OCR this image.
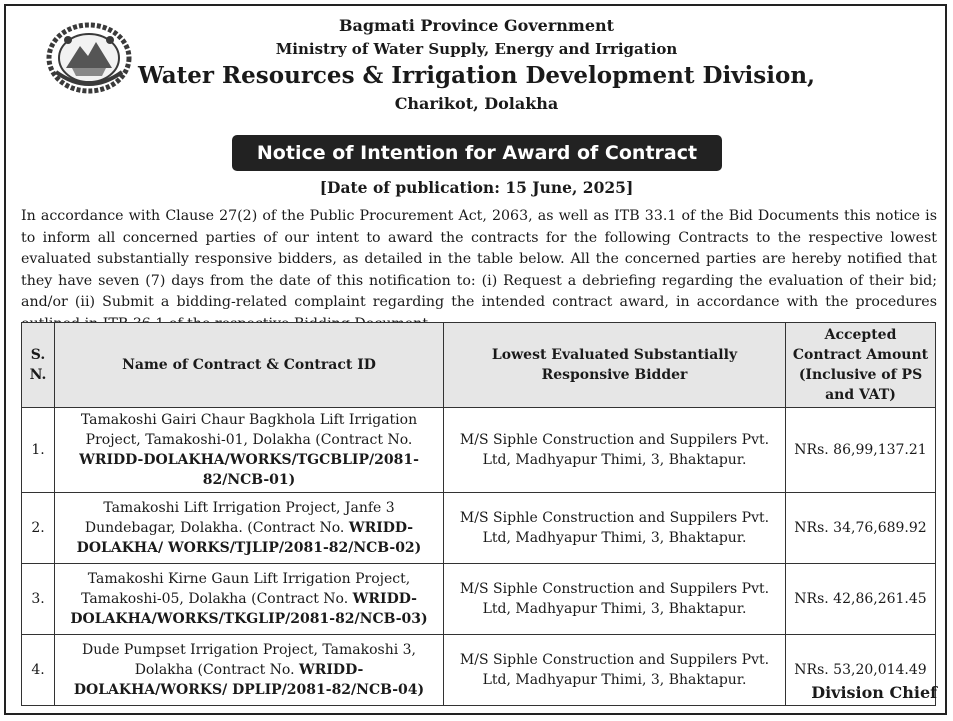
Bagmati Province Government
Ministry of Water Supply, Energy and Irrigation
Water Resources & Irrigation Development Division,
Charikot, Dolakha
Notice of Intention for Award of Contract
[Date of publication: 15 June, 2025]
In accordance with Clause 27(2) of the Public Procurement Act, 2063, as well as ITB 33.1 of the Bid Documents this notice is to inform all concerned parties of our intent to award the contracts for the following Contracts to the respective lowest evaluated substantially responsive bidders, as detailed in the table below. All the concerned parties are hereby notified that they have seven (7) days from the date of this notification to: (i) Request a debriefing regarding the evaluation of their bid; and/or (ii) Submit a bidding-related complaint regarding the intended contract award, in accordance with the procedures
S. N.	Name of Contract & Contract ID	Lowest Evaluated Substantially Responsive Bidder	Accepted Contract Amount (Inclusive of PS and VAT)
1.	Tamakoshi Gairi Chaur Bagkhola Lift Irrigation Project, Tamakoshi-01, Dolakha (Contract No. WRIDD-DOLAKHA/WORKS/TGCBLIP/2081-82/NCB-01)	M/S Siphle Construction and Suppilers Pvt. Ltd, Madhyapur Thimi, 3, Bhaktapur.	NRs. 86,99,137.21
2.	Tamakoshi Lift Irrigation Project, Janfe 3 Dundebagar, Dolakha. (Contract No. WRIDD-DOLAKHA/ WORKS/TJLIP/2081-82/NCB-02)	M/S Siphle Construction and Suppilers Pvt. Ltd, Madhyapur Thimi, 3, Bhaktapur.	NRs. 34,76,689.92
3.	Tamakoshi Kirne Gaun Lift Irrigation Project, Tamakoshi-05, Dolakha (Contract No. WRIDD-DOLAKHA/WORKS/TKGLIP/2081-82/NCB-03)	M/S Siphle Construction and Suppilers Pvt. Ltd, Madhyapur Thimi, 3, Bhaktapur.	NRs. 42,86,261.45
4.	Dude Pumpset Irrigation Project, Tamakoshi 3, Dolakha (Contract No. WRIDD-DOLAKHA/WORKS/ DPLIP/2081-82/NCB-04)	M/S Siphle Construction and Suppilers Pvt. Ltd, Madhyapur Thimi, 3, Bhaktapur.	NRs. 53,20,014.49
Division Chief
